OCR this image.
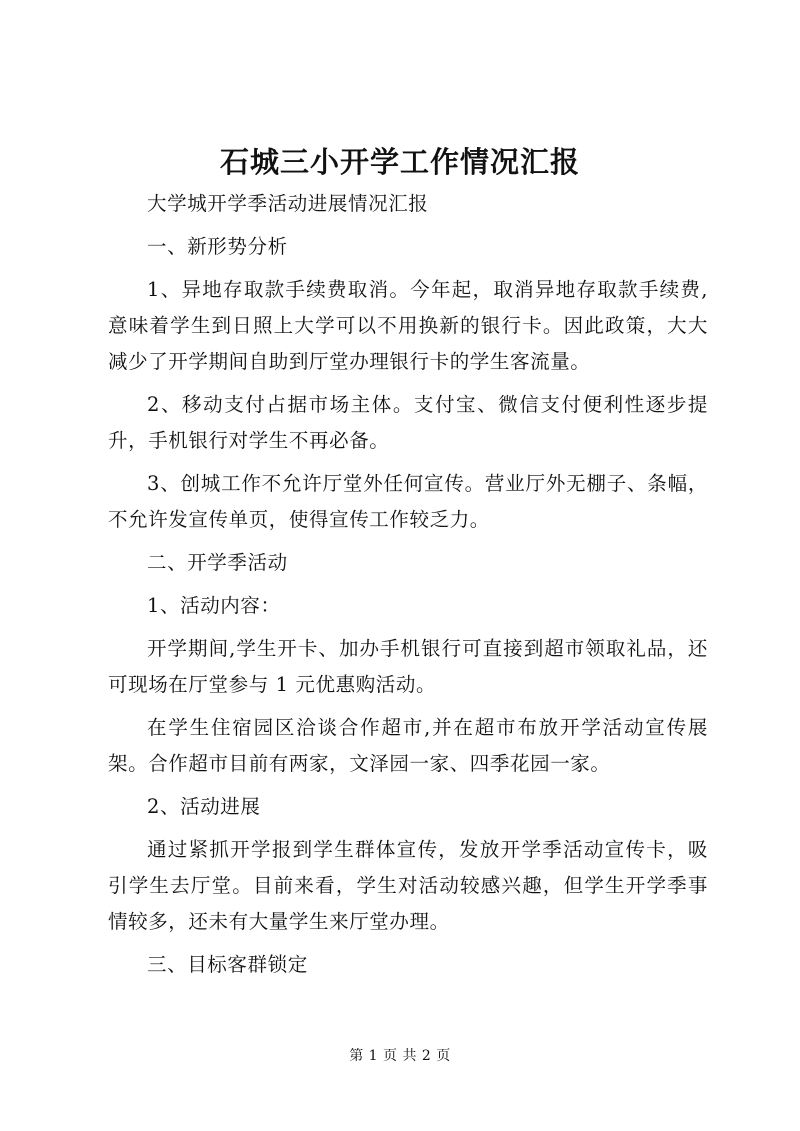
石城三小开学工作情况汇报

大学城开学季活动进展情况汇报

一、新形势分析

1、异地存取款手续费取消。今年起，取消异地存取款手续费,意味着学生到日照上大学可以不用换新的银行卡。因此政策，大大减少了开学期间自助到厅堂办理银行卡的学生客流量。

2、移动支付占据市场主体。支付宝、微信支付便利性逐步提升，手机银行对学生不再必备。

3、创城工作不允许厅堂外任何宣传。营业厅外无棚子、条幅，不允许发宣传单页，使得宣传工作较乏力。

二、开学季活动

1、活动内容：

开学期间,学生开卡、加办手机银行可直接到超市领取礼品，还可现场在厅堂参与 1 元优惠购活动。

在学生住宿园区洽谈合作超市,并在超市布放开学活动宣传展架。合作超市目前有两家，文泽园一家、四季花园一家。

2、活动进展

通过紧抓开学报到学生群体宣传，发放开学季活动宣传卡，吸引学生去厅堂。目前来看，学生对活动较感兴趣，但学生开学季事情较多，还未有大量学生来厅堂办理。

三、目标客群锁定

第 1 页 共 2 页
